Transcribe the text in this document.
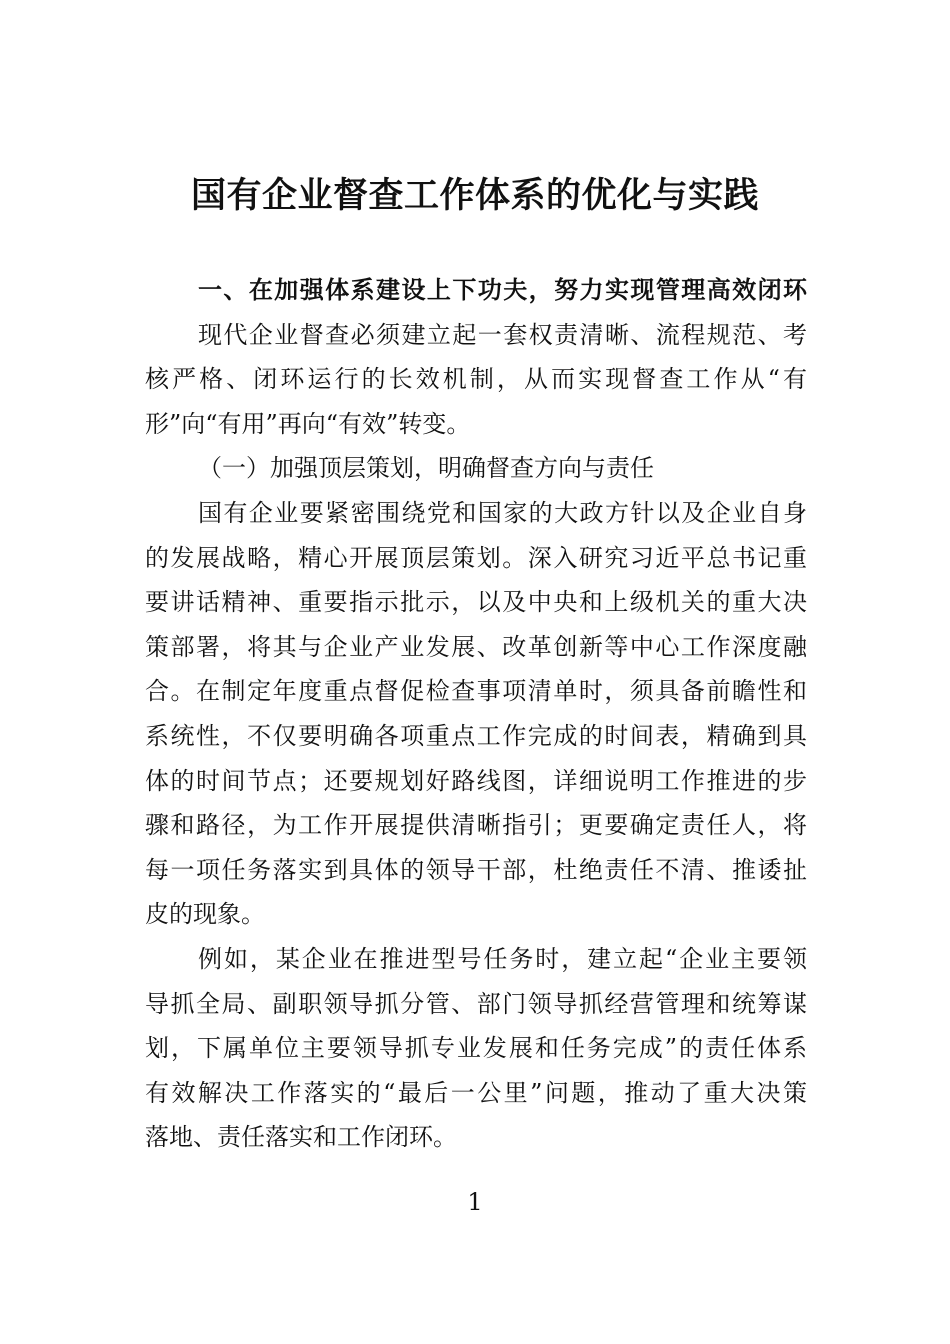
国有企业督查工作体系的优化与实践
一、在加强体系建设上下功夫，努力实现管理高效闭环
现代企业督查必须建立起一套权责清晰、流程规范、考
核严格、闭环运行的长效机制，从而实现督查工作从“有
形”向“有用”再向“有效”转变。
（一）加强顶层策划，明确督查方向与责任
国有企业要紧密围绕党和国家的大政方针以及企业自身
的发展战略，精心开展顶层策划。深入研究习近平总书记重
要讲话精神、重要指示批示，以及中央和上级机关的重大决
策部署，将其与企业产业发展、改革创新等中心工作深度融
合。在制定年度重点督促检查事项清单时，须具备前瞻性和
系统性，不仅要明确各项重点工作完成的时间表，精确到具
体的时间节点；还要规划好路线图，详细说明工作推进的步
骤和路径，为工作开展提供清晰指引；更要确定责任人，将
每一项任务落实到具体的领导干部，杜绝责任不清、推诿扯
皮的现象。
例如，某企业在推进型号任务时，建立起“企业主要领
导抓全局、副职领导抓分管、部门领导抓经营管理和统筹谋
划，下属单位主要领导抓专业发展和任务完成”的责任体系
有效解决工作落实的“最后一公里”问题，推动了重大决策
落地、责任落实和工作闭环。
1
